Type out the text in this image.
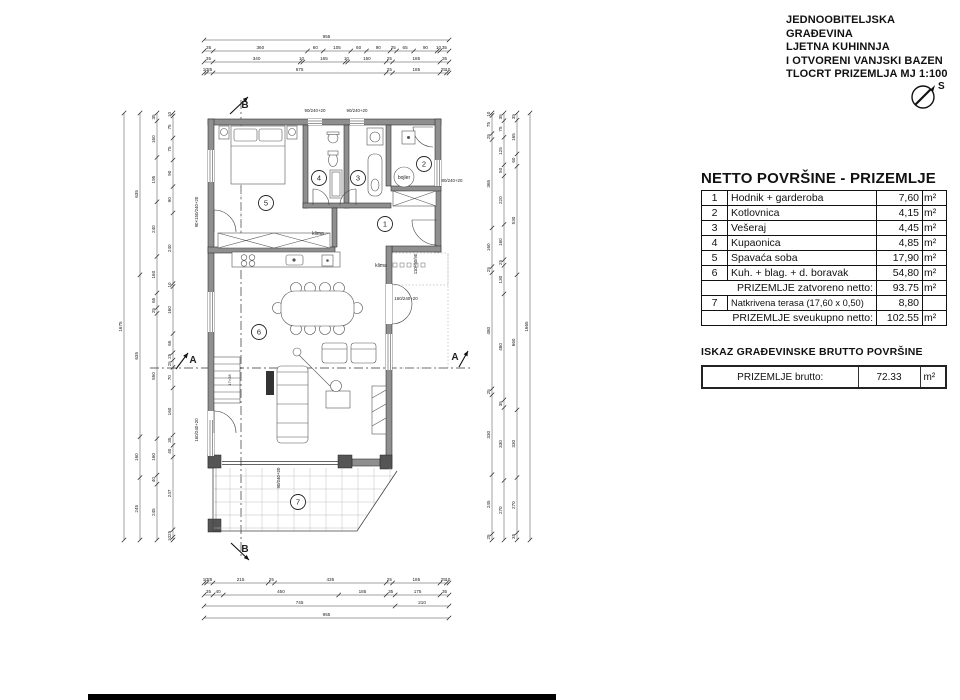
955
35	360	60	105	60	90 25 65	90 10 35
35	340	10	165	10	150	25	185	35
10 25	675	25	185	25 10
10 25	215	25	435	25	185	25 10
35 40	450	185	35	175	35
745	210
955
1675
635
635
160
245
35
160
195
240
160
65
25
550
160
40
245
10
75
75
90
90
240
10
160
65
25
25
70
160
35
40
247
25
10
10
75
25
365
160
25
480
25
330
245
25
35
75
125
50
220
160
25
130
480
35
330
270
35
165
60
530
660
330
270
35
1665
1
2
3
4
5
6
7
klima
klima
bojler
90/240+20	90/240+20
80/240+20
90×150/240+20
110+50/90
160/240+20
160/240+20
90/240+20
17×28
B
B
A	A
S
JEDNOOBITELJSKA GRAĐEVINA
LJETNA KUHINNJA
I OTVORENI VANJSKI BAZEN
TLOCRT PRIZEMLJA MJ 1:100
NETTO POVRŠINE - PRIZEMLJE
1	Hodnik + garderoba	7,60	m²
2	Kotlovnica	4,15	m²
3	Vešeraj	4,45	m²
4	Kupaonica	4,85	m²
5	Spavaća soba	17,90	m²
6	Kuh. + blag. + d. boravak	54,80	m²
PRIZEMLJE zatvoreno netto:		93.75	m²
7	Natkrivena terasa (17,60 x 0,50)	8,80	
PRIZEMLJE sveukupno netto:		102.55	m²
ISKAZ GRAĐEVINSKE BRUTTO POVRŠINE
PRIZEMLJE brutto:	72.33	m²
